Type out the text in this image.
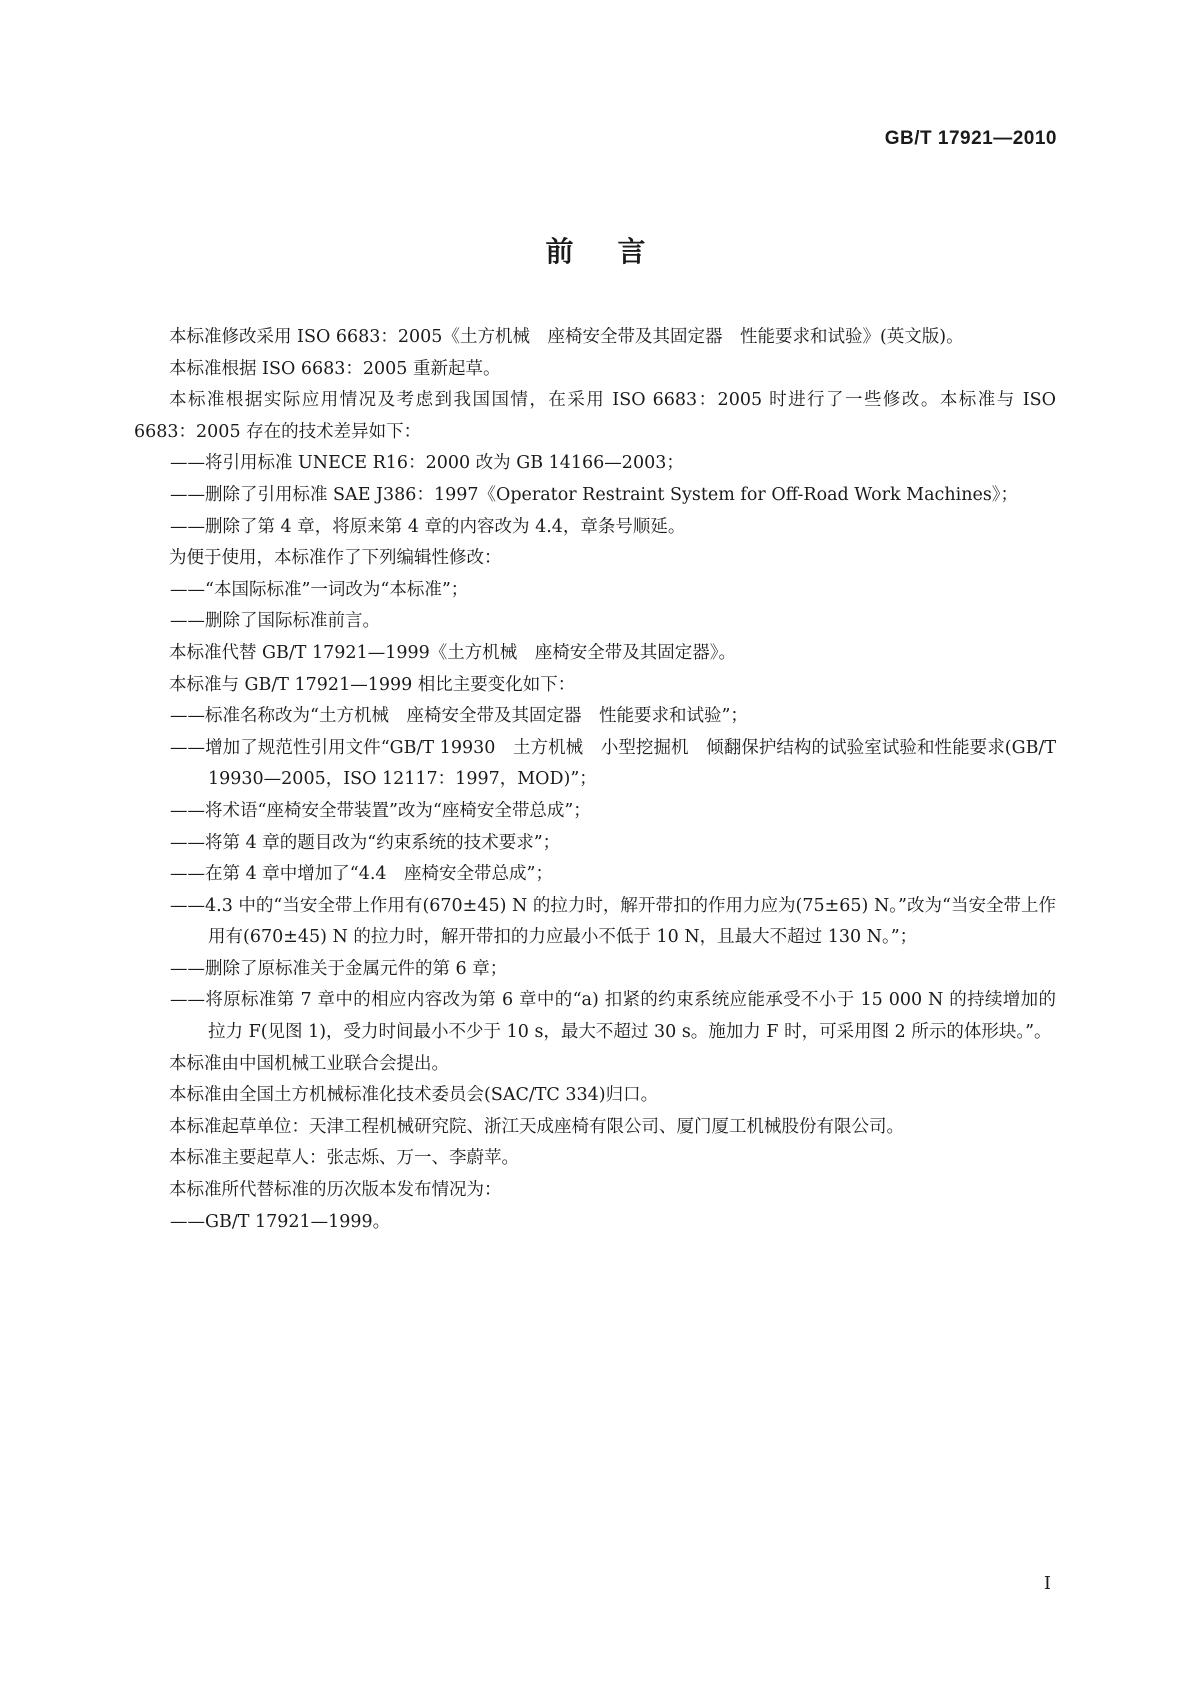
GB/T 17921—2010
前言

本标准修改采用 ISO 6683：2005《土方机械　座椅安全带及其固定器　性能要求和试验》(英文版)。

本标准根据 ISO 6683：2005 重新起草。

本标准根据实际应用情况及考虑到我国国情，在采用 ISO 6683：2005 时进行了一些修改。本标准与 ISO 6683：2005 存在的技术差异如下：

——将引用标准 UNECE R16：2000 改为 GB 14166—2003；

——删除了引用标准 SAE J386：1997《Operator Restraint System for Off-Road Work Machines》；

——删除了第 4 章，将原来第 4 章的内容改为 4.4，章条号顺延。

为便于使用，本标准作了下列编辑性修改：

——“本国际标准”一词改为“本标准”；

——删除了国际标准前言。

本标准代替 GB/T 17921—1999《土方机械　座椅安全带及其固定器》。

本标准与 GB/T 17921—1999 相比主要变化如下：

——标准名称改为“土方机械　座椅安全带及其固定器　性能要求和试验”；

——增加了规范性引用文件“GB/T 19930　土方机械　小型挖掘机　倾翻保护结构的试验室试验和性能要求(GB/T 19930—2005，ISO 12117：1997，MOD)”；

——将术语“座椅安全带装置”改为“座椅安全带总成”；

——将第 4 章的题目改为“约束系统的技术要求”；

——在第 4 章中增加了“4.4　座椅安全带总成”；

——4.3 中的“当安全带上作用有(670±45) N 的拉力时，解开带扣的作用力应为(75±65) N。”改为“当安全带上作用有(670±45) N 的拉力时，解开带扣的力应最小不低于 10 N，且最大不超过 130 N。”；

——删除了原标准关于金属元件的第 6 章；

——将原标准第 7 章中的相应内容改为第 6 章中的“a) 扣紧的约束系统应能承受不小于 15 000 N 的持续增加的拉力 F(见图 1)，受力时间最小不少于 10 s，最大不超过 30 s。施加力 F 时，可采用图 2 所示的体形块。”。

本标准由中国机械工业联合会提出。

本标准由全国土方机械标准化技术委员会(SAC/TC 334)归口。

本标准起草单位：天津工程机械研究院、浙江天成座椅有限公司、厦门厦工机械股份有限公司。

本标准主要起草人：张志烁、万一、李蔚苹。

本标准所代替标准的历次版本发布情况为：

——GB/T 17921—1999。

I
